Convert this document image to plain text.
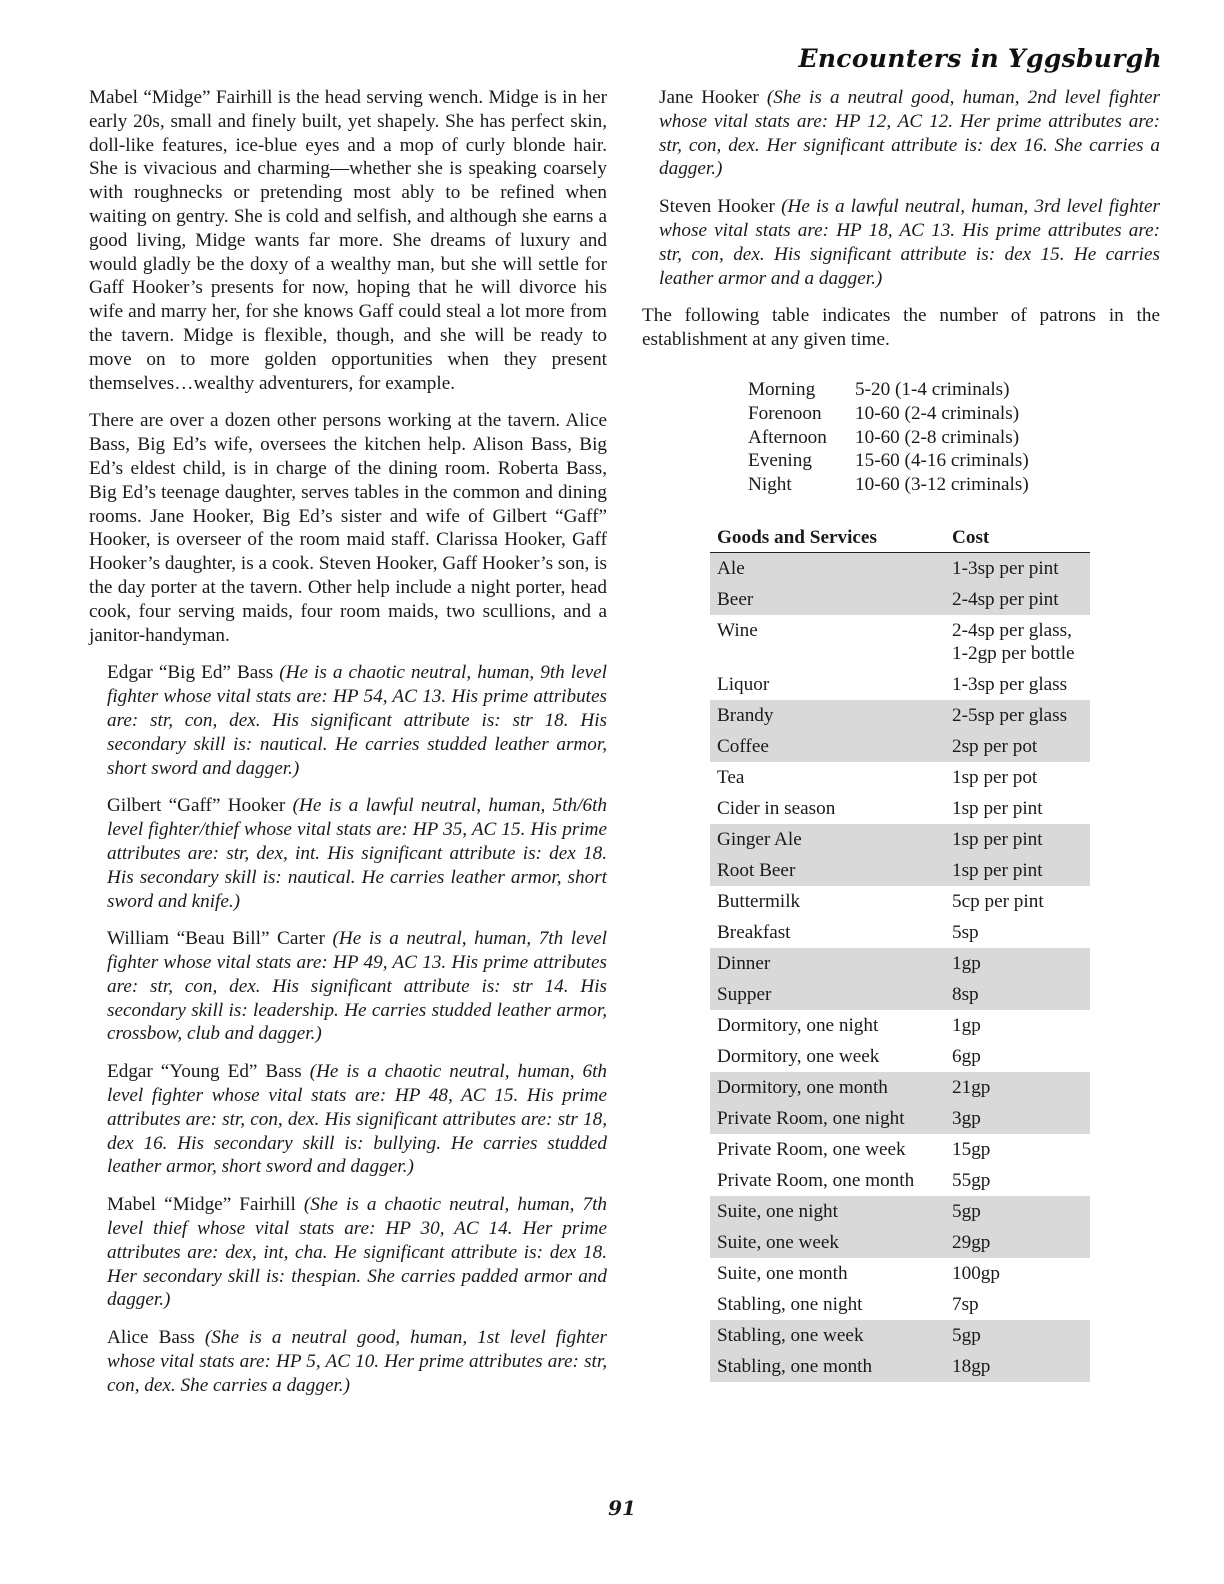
Encounters in Yggsburgh

Mabel “Midge” Fairhill is the head serving wench. Midge is in her early 20s, small and finely built, yet shapely. She has perfect skin, doll-like features, ice-blue eyes and a mop of curly blonde hair. She is vivacious and charming—whether she is speaking coarsely with roughnecks or pretending most ably to be refined when waiting on gentry. She is cold and selfish, and although she earns a good living, Midge wants far more. She dreams of luxury and would gladly be the doxy of a wealthy man, but she will settle for Gaff Hooker’s presents for now, hoping that he will divorce his wife and marry her, for she knows Gaff could steal a lot more from the tavern. Midge is flexible, though, and she will be ready to move on to more golden opportunities when they present themselves…wealthy adventurers, for example.

There are over a dozen other persons working at the tavern. Alice Bass, Big Ed’s wife, oversees the kitchen help. Alison Bass, Big Ed’s eldest child, is in charge of the dining room. Roberta Bass, Big Ed’s teenage daughter, serves tables in the common and dining rooms. Jane Hooker, Big Ed’s sister and wife of Gilbert “Gaff” Hooker, is overseer of the room maid staff. Clarissa Hooker, Gaff Hooker’s daughter, is a cook. Steven Hooker, Gaff Hooker’s son, is the day porter at the tavern. Other help include a night porter, head cook, four serving maids, four room maids, two scullions, and a janitor-handyman.

Edgar “Big Ed” Bass (He is a chaotic neutral, human, 9th level fighter whose vital stats are: HP 54, AC 13. His prime attributes are: str, con, dex. His significant attribute is: str 18. His secondary skill is: nautical. He carries studded leather armor, short sword and dagger.)
Gilbert “Gaff” Hooker (He is a lawful neutral, human, 5th/6th level fighter/thief whose vital stats are: HP 35, AC 15. His prime attributes are: str, dex, int. His significant attribute is: dex 18. His secondary skill is: nautical. He carries leather armor, short sword and knife.)
William “Beau Bill” Carter (He is a neutral, human, 7th level fighter whose vital stats are: HP 49, AC 13. His prime attributes are: str, con, dex. His significant attribute is: str 14. His secondary skill is: leadership. He carries studded leather armor, crossbow, club and dagger.)
Edgar “Young Ed” Bass (He is a chaotic neutral, human, 6th level fighter whose vital stats are: HP 48, AC 15. His prime attributes are: str, con, dex. His significant attributes are: str 18, dex 16. His secondary skill is: bullying. He carries studded leather armor, short sword and dagger.)
Mabel “Midge” Fairhill (She is a chaotic neutral, human, 7th level thief whose vital stats are: HP 30, AC 14. Her prime attributes are: dex, int, cha. He significant attribute is: dex 18. Her secondary skill is: thespian. She carries padded armor and dagger.)
Alice Bass (She is a neutral good, human, 1st level fighter whose vital stats are: HP 5, AC 10. Her prime attributes are: str, con, dex. She carries a dagger.)
Jane Hooker (She is a neutral good, human, 2nd level fighter whose vital stats are: HP 12, AC 12. Her prime attributes are: str, con, dex. Her significant attribute is: dex 16. She carries a dagger.)
Steven Hooker (He is a lawful neutral, human, 3rd level fighter whose vital stats are: HP 18, AC 13. His prime attributes are: str, con, dex. His significant attribute is: dex 15. He carries leather armor and a dagger.)

The following table indicates the number of patrons in the establishment at any given time.

Morning	5-20 (1-4 criminals)
Forenoon	10-60 (2-4 criminals)
Afternoon	10-60 (2-8 criminals)
Evening	15-60 (4-16 criminals)
Night	10-60 (3-12 criminals)
Goods and Services	Cost
Ale	1-3sp per pint
Beer	2-4sp per pint
Wine	2-4sp per glass,
1-2gp per bottle
Liquor	1-3sp per glass
Brandy	2-5sp per glass
Coffee	2sp per pot
Tea	1sp per pot
Cider in season	1sp per pint
Ginger Ale	1sp per pint
Root Beer	1sp per pint
Buttermilk	5cp per pint
Breakfast	5sp
Dinner	1gp
Supper	8sp
Dormitory, one night	1gp
Dormitory, one week	6gp
Dormitory, one month	21gp
Private Room, one night	3gp
Private Room, one week	15gp
Private Room, one month	55gp
Suite, one night	5gp
Suite, one week	29gp
Suite, one month	100gp
Stabling, one night	7sp
Stabling, one week	5gp
Stabling, one month	18gp
91
